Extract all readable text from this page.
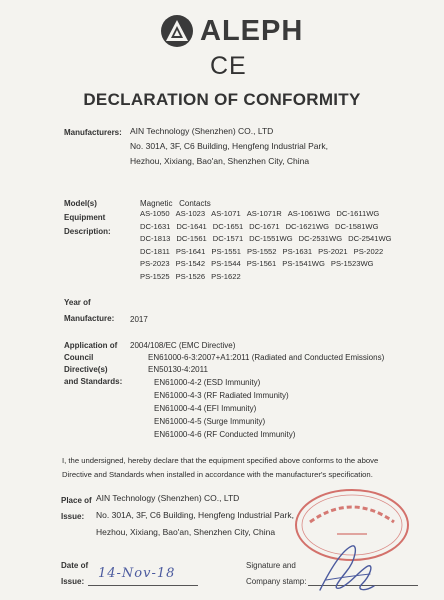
ALEPH
CE
DECLARATION OF CONFORMITY
Manufacturers: AIN Technology (Shenzhen) CO., LTD
No. 301A, 3F, C6 Building, Hengfeng Industrial Park,
Hezhou, Xixiang, Bao'an, Shenzhen City, China
Model(s)
Equipment
Description:
Magnetic   Contacts
AS-1050 AS-1023 AS-1071 AS-1071R AS-1061WG DC-1611WG
DC-1631 DC-1641 DC-1651 DC-1671 DC-1621WG DC-1581WG
DC-1813 DC-1561 DC-1571 DC-1551WG DC-2531WG DC-2541WG
DC-1811 PS-1641 PS-1551 PS-1552 PS-1631 PS-2021 PS-2022
PS-2023 PS-1542 PS-1544 PS-1561 PS-1541WG PS-1523WG
PS-1525 PS-1526 PS-1622
Year of
Manufacture: 2017
Application of
Council
Directive(s)
and Standards:
2004/108/EC (EMC Directive)
EN61000-6-3:2007+A1:2011 (Radiated and Conducted Emissions)
EN50130-4:2011
EN61000-4-2 (ESD Immunity)
EN61000-4-3 (RF Radiated Immunity)
EN61000-4-4 (EFI Immunity)
EN61000-4-5 (Surge Immunity)
EN61000-4-6 (RF Conducted Immunity)
I, the undersigned, hereby declare that the equipment specified above conforms to the above
Directive and Standards when installed in accordance with the manufacturer's specification.
Place of
Issue:
AIN Technology (Shenzhen) CO., LTD
No. 301A, 3F, C6 Building, Hengfeng Industrial Park,
Hezhou, Xixiang, Bao'an, Shenzhen City, China
Date of
Issue:
14-Nov-18
Signature and
Company stamp:
